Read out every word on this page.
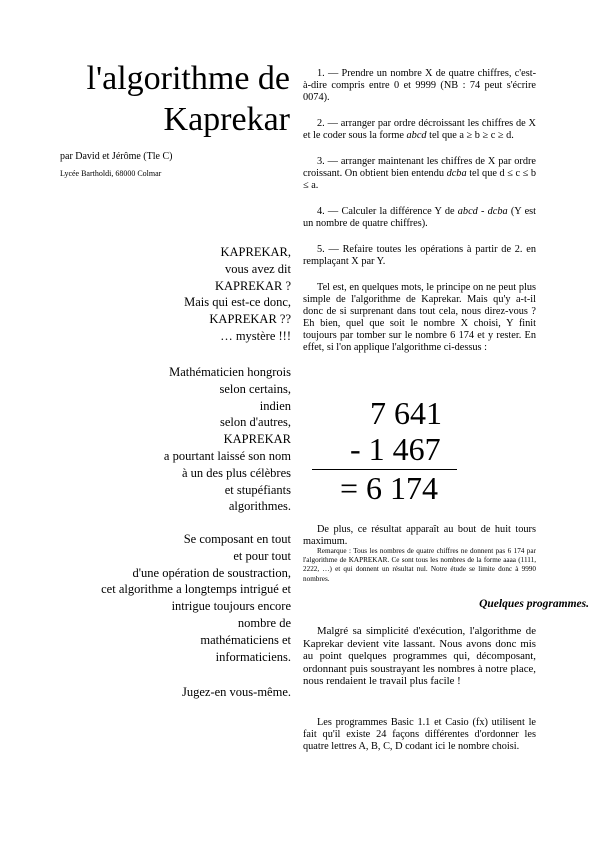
l'algorithme de
Kaprekar
par David et Jérôme (Tle C)
Lycée Bartholdi, 68000 Colmar
KAPREKAR,
vous avez dit
KAPREKAR ?
Mais qui est-ce donc,
KAPREKAR ??
… mystère !!!
Mathématicien hongrois
selon certains,
indien
selon d'autres,
KAPREKAR
a pourtant laissé son nom
à un des plus célèbres
et stupéfiants
algorithmes.
Se composant en tout
et pour tout
d'une opération de soustraction,
cet algorithme a longtemps intrigué et
intrigue toujours encore
nombre de
mathématiciens et
informaticiens.
Jugez-en vous-même.

1. — Prendre un nombre X de quatre chiffres, c'est-à-dire compris entre 0 et 9999 (NB : 74 peut s'écrire 0074).

2. — arranger par ordre décroissant les chiffres de X et le coder sous la forme abcd tel que a ≥ b ≥ c ≥ d.

3. — arranger maintenant les chiffres de X par ordre croissant. On obtient bien entendu dcba tel que d ≤ c ≤ b ≤ a.

4. — Calculer la différence Y de abcd - dcba (Y est un nombre de quatre chiffres).

5. — Refaire toutes les opérations à partir de 2. en remplaçant X par Y.

Tel est, en quelques mots, le principe on ne peut plus simple de l'algorithme de Kaprekar. Mais qu'y a-t-il donc de si surprenant dans tout cela, nous direz-vous ? Eh bien, quel que soit le nombre X choisi, Y finit toujours par tomber sur le nombre 6 174 et y rester. En effet, si l'on applique l'algorithme ci-dessus :

7 641
- 1 467
= 6 174

De plus, ce résultat apparaît au bout de huit tours maximum.

Remarque : Tous les nombres de quatre chiffres ne donnent pas 6 174 par l'algorithme de KAPREKAR. Ce sont tous les nombres de la forme aaaa (1111, 2222, …) et qui donnent un résultat nul. Notre étude se limite donc à 9990 nombres.

Quelques programmes.

Malgré sa simplicité d'exécution, l'algorithme de Kaprekar devient vite lassant. Nous avons donc mis au point quelques programmes qui, décomposant, ordonnant puis soustrayant les nombres à notre place, nous rendaient le travail plus facile !

Les programmes Basic 1.1 et Casio (fx) utilisent le fait qu'il existe 24 façons différentes d'ordonner les quatre lettres A, B, C, D codant ici le nombre choisi.
